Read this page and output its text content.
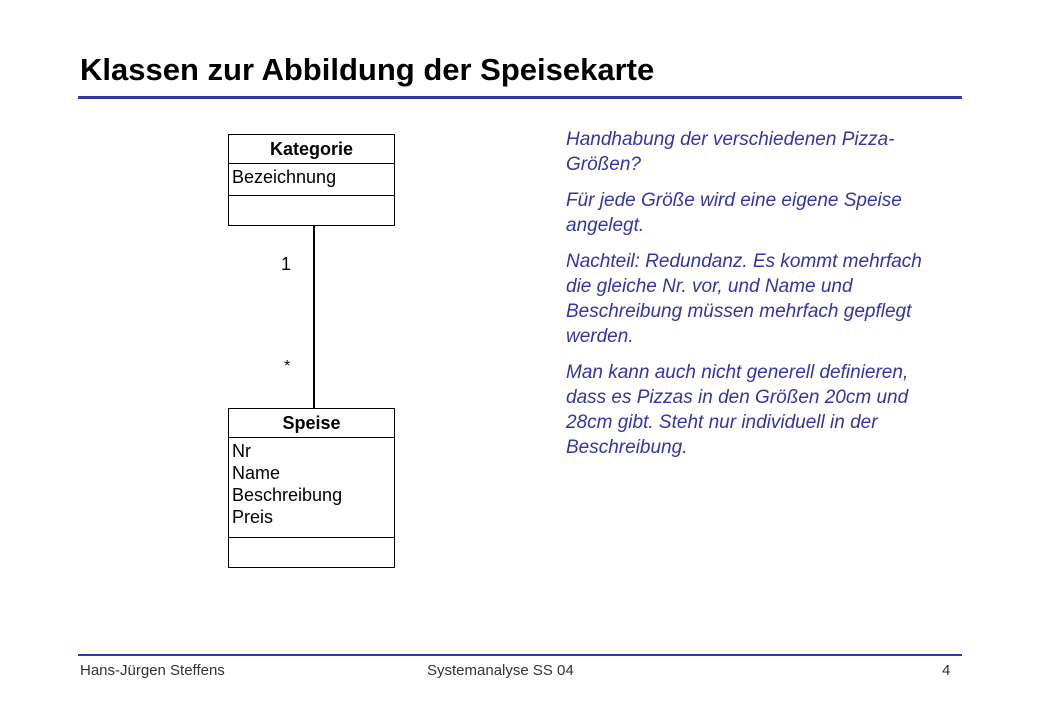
Klassen zur Abbildung der Speisekarte
Kategorie
Bezeichnung
1
*
Speise
Nr
Name
Beschreibung
Preis

Handhabung der verschiedenen Pizza-Größen?

Für jede Größe wird eine eigene Speise angelegt.

Nachteil: Redundanz. Es kommt mehrfach die gleiche Nr. vor, und Name und Beschreibung müssen mehrfach gepflegt werden.

Man kann auch nicht generell definieren, dass es Pizzas in den Größen 20cm und 28cm gibt. Steht nur individuell in der Beschreibung.

Hans-Jürgen Steffens	Systemanalyse SS 04	4
